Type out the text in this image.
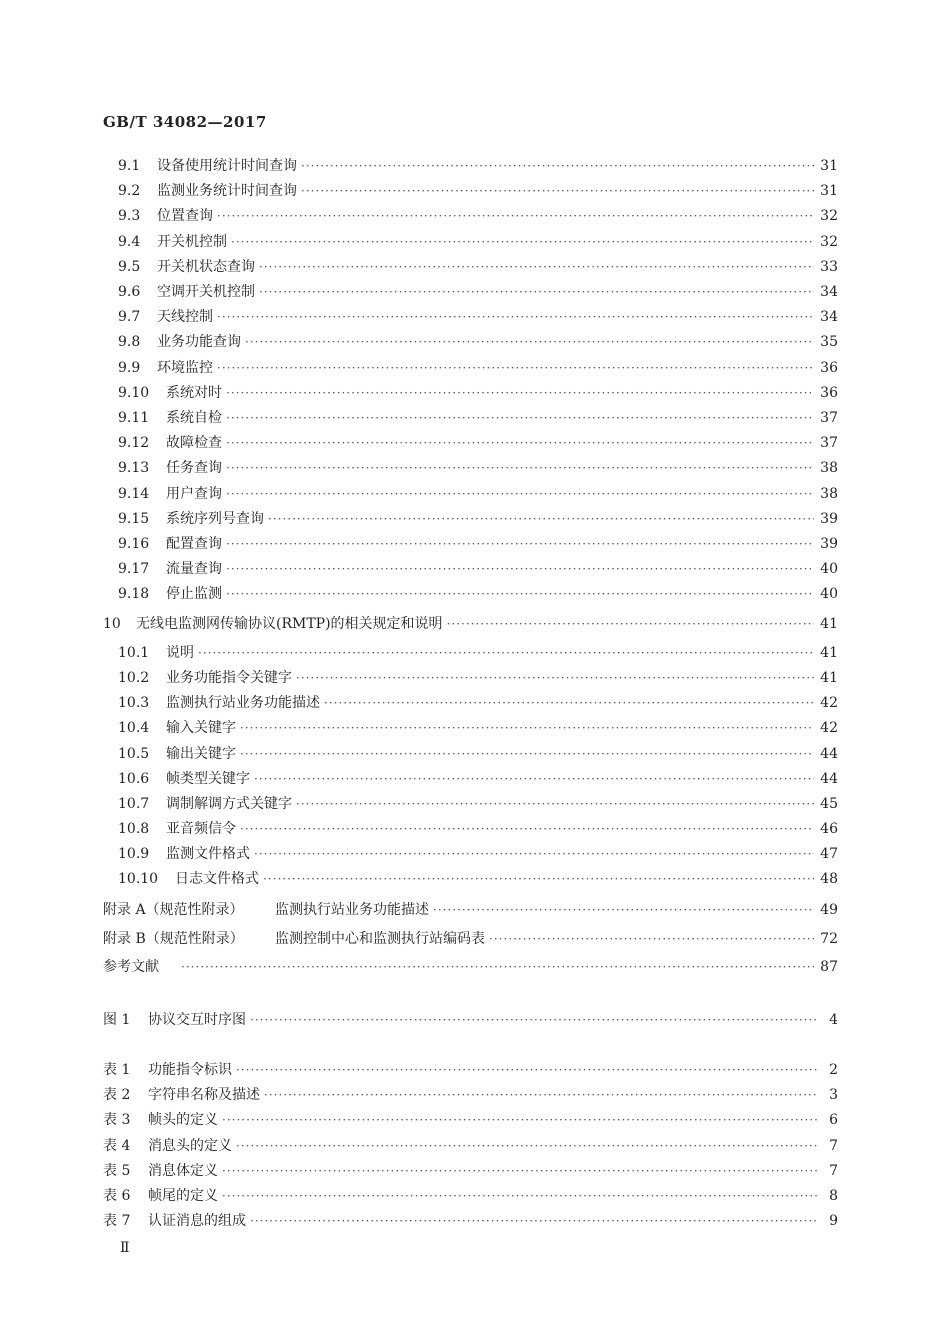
GB/T 34082—2017
9.1	设备使用统计时间查询 ·····	31
9.2	监测业务统计时间查询 ·····	31
9.3	位置查询 ·····	32
9.4	开关机控制 ·····	32
9.5	开关机状态查询 ·····	33
9.6	空调开关机控制 ·····	34
9.7	天线控制 ·····	34
9.8	业务功能查询 ·····	35
9.9	环境监控 ·····	36
9.10	系统对时 ·····	36
9.11	系统自检 ·····	37
9.12	故障检查 ·····	37
9.13	任务查询 ·····	38
9.14	用户查询 ·····	38
9.15	系统序列号查询 ·····	39
9.16	配置查询 ·····	39
9.17	流量查询 ·····	40
9.18	停止监测 ·····	40
10	无线电监测网传输协议(RMTP)的相关规定和说明 ·····	41
10.1	说明 ·····	41
10.2	业务功能指令关键字 ·····	41
10.3	监测执行站业务功能描述 ·····	42
10.4	输入关键字 ·····	42
10.5	输出关键字 ·····	44
10.6	帧类型关键字 ·····	44
10.7	调制解调方式关键字 ·····	45
10.8	亚音频信令 ·····	46
10.9	监测文件格式 ·····	47
10.10	日志文件格式 ·····	48
附录 A（规范性附录）	监测执行站业务功能描述 ·····	49
附录 B（规范性附录）	监测控制中心和监测执行站编码表 ·····	72
参考文献 ·····	87
图 1	协议交互时序图 ·····	4
表 1	功能指令标识 ·····	2
表 2	字符串名称及描述 ·····	3
表 3	帧头的定义 ·····	6
表 4	消息头的定义 ·····	7
表 5	消息体定义 ·····	7
表 6	帧尾的定义 ·····	8
表 7	认证消息的组成 ·····	9
Ⅱ
